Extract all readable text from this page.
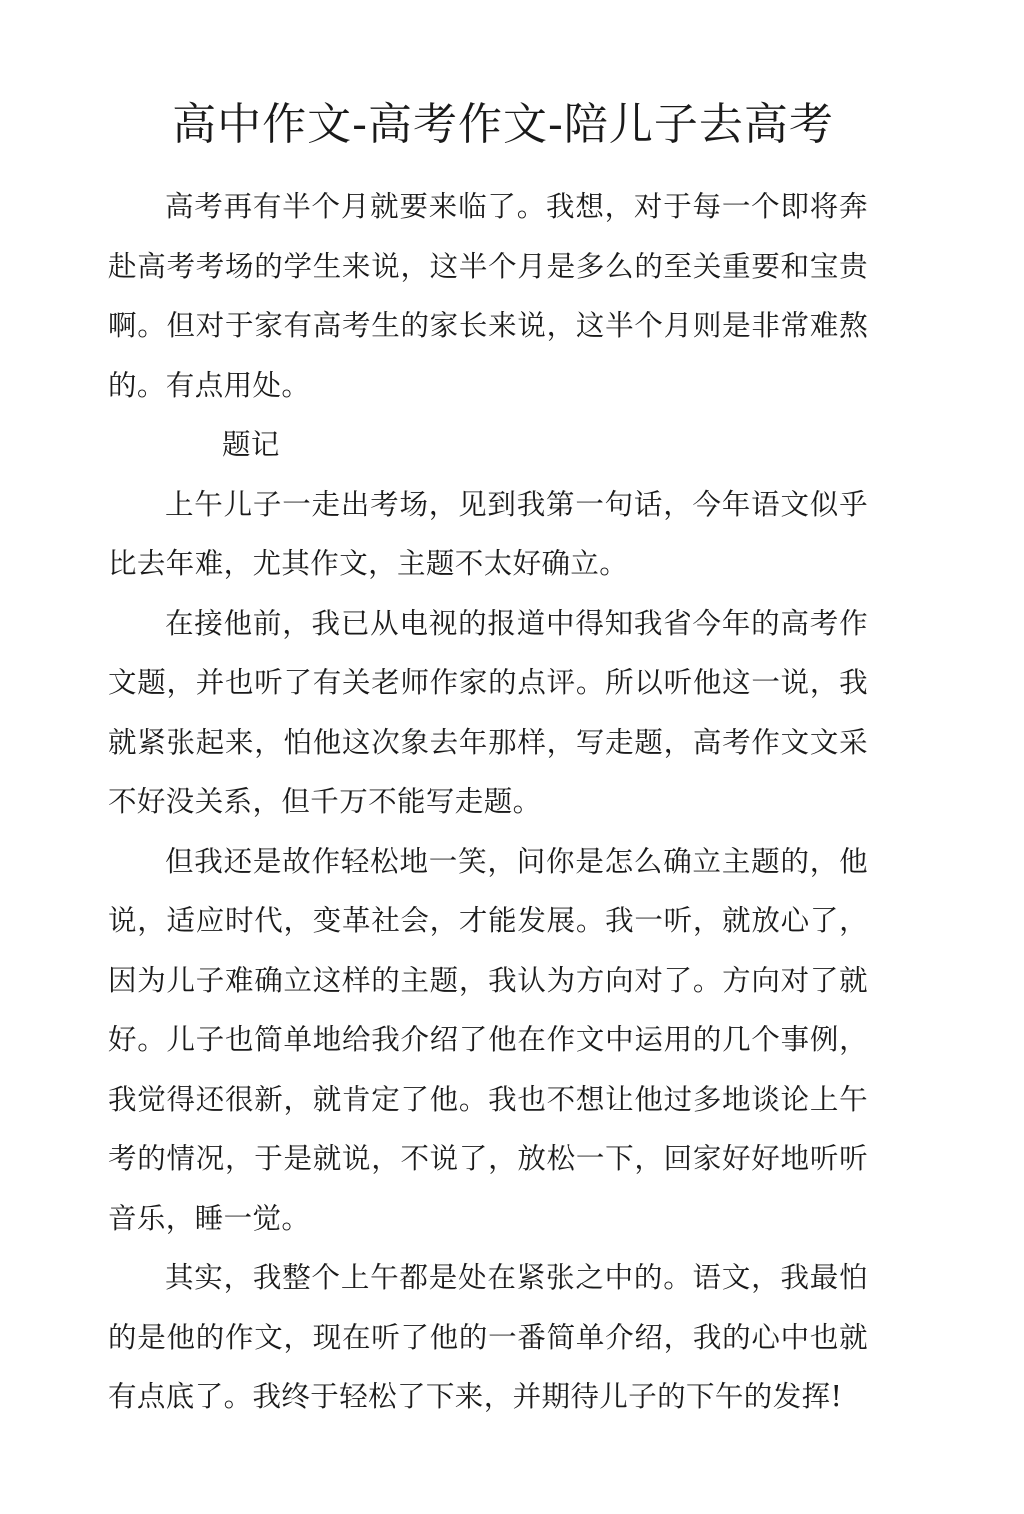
高中作文-高考作文-陪儿子去高考

高考再有半个月就要来临了。我想，对于每一个即将奔赴高考考场的学生来说，这半个月是多么的至关重要和宝贵啊。但对于家有高考生的家长来说，这半个月则是非常难熬的。有点用处。

题记

上午儿子一走出考场，见到我第一句话，今年语文似乎比去年难，尤其作文，主题不太好确立。

在接他前，我已从电视的报道中得知我省今年的高考作文题，并也听了有关老师作家的点评。所以听他这一说，我就紧张起来，怕他这次象去年那样，写走题，高考作文文采不好没关系，但千万不能写走题。

但我还是故作轻松地一笑，问你是怎么确立主题的，他说，适应时代，变革社会，才能发展。我一听，就放心了，因为儿子难确立这样的主题，我认为方向对了。方向对了就好。儿子也简单地给我介绍了他在作文中运用的几个事例，我觉得还很新，就肯定了他。我也不想让他过多地谈论上午考的情况，于是就说，不说了，放松一下，回家好好地听听音乐，睡一觉。

其实，我整个上午都是处在紧张之中的。语文，我最怕的是他的作文，现在听了他的一番简单介绍，我的心中也就有点底了。我终于轻松了下来，并期待儿子的下午的发挥!
